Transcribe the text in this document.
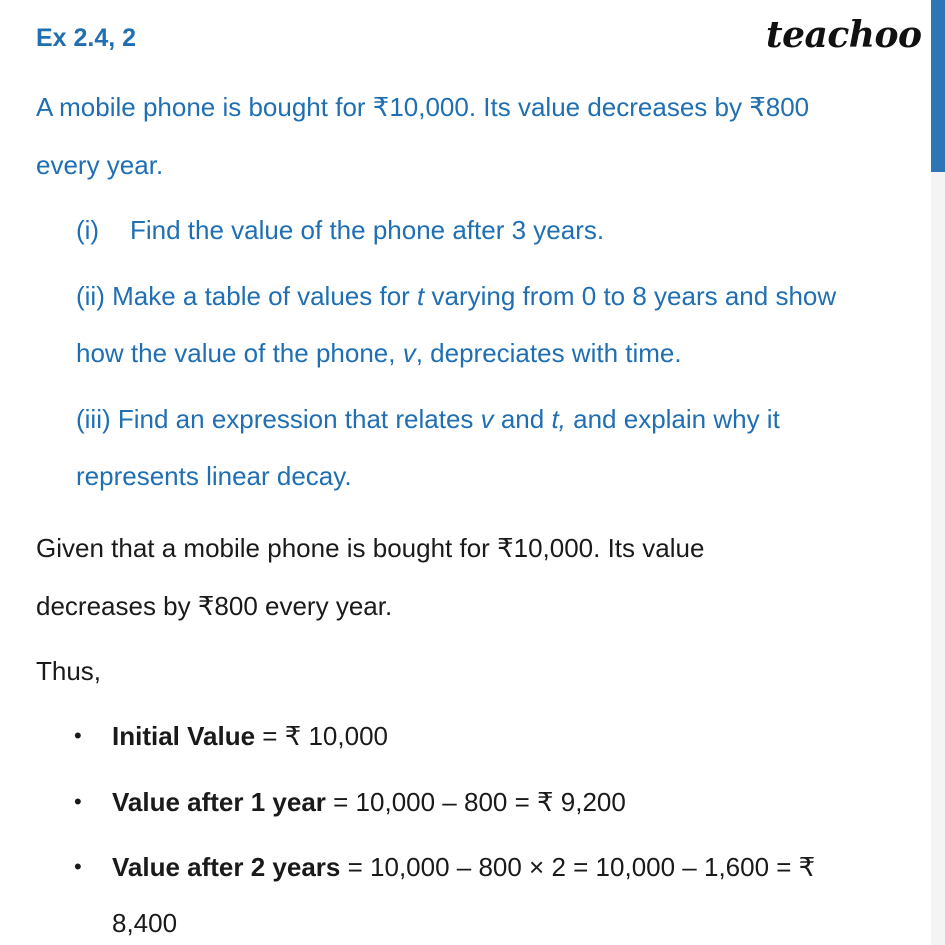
Ex 2.4, 2	teachoo
A mobile phone is bought for ₹10,000. Its value decreases by ₹800
every year.
(i) Find the value of the phone after 3 years.
(ii) Make a table of values for t varying from 0 to 8 years and show
how the value of the phone, v, depreciates with time.
(iii) Find an expression that relates v and t, and explain why it
represents linear decay.
Given that a mobile phone is bought for ₹10,000. Its value
decreases by ₹800 every year.
Thus,
• Initial Value = ₹ 10,000
• Value after 1 year = 10,000 – 800 = ₹ 9,200
• Value after 2 years = 10,000 – 800 × 2 = 10,000 – 1,600 = ₹
8,400
